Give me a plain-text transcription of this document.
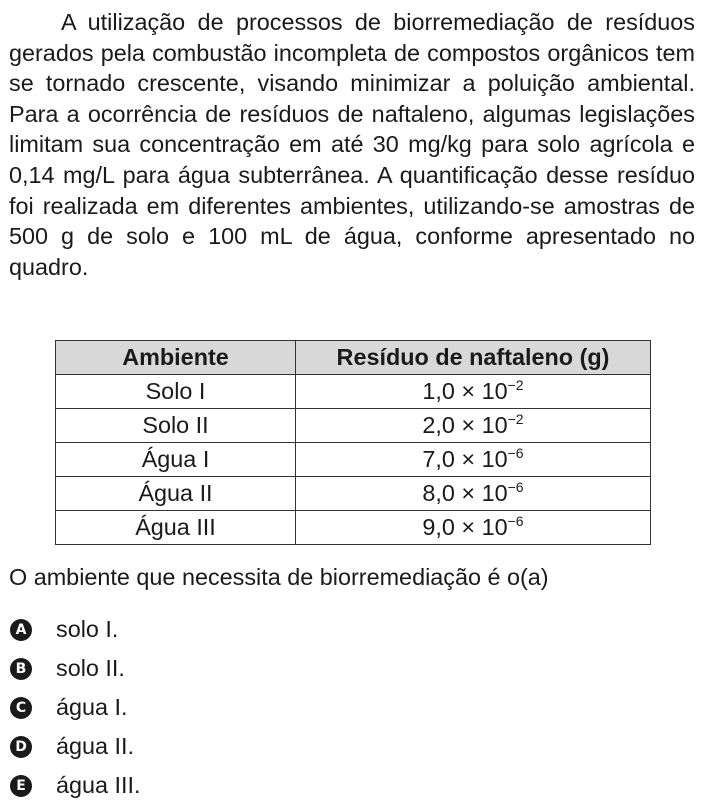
A utilização de processos de biorremediação de resíduos gerados pela combustão incompleta de compostos orgânicos tem se tornado crescente, visando minimizar a poluição ambiental. Para a ocorrência de resíduos de naftaleno, algumas legislações limitam sua concentração em até 30 mg/kg para solo agrícola e 0,14 mg/L para água subterrânea. A quantificação desse resíduo foi realizada em diferentes ambientes, utilizando-se amostras de 500 g de solo e 100 mL de água, conforme apresentado no quadro.

Ambiente	Resíduo de naftaleno (g)
Solo I	$1,0 \times 10^{-2}$
Solo II	$2,0 \times 10^{-2}$
Água I	$7,0 \times 10^{-6}$
Água II	$8,0 \times 10^{-6}$
Água III	$9,0 \times 10^{-6}$

O ambiente que necessita de biorremediação é o(a)

A solo I.
B solo II.
C água I.
D água II.
E água III.
